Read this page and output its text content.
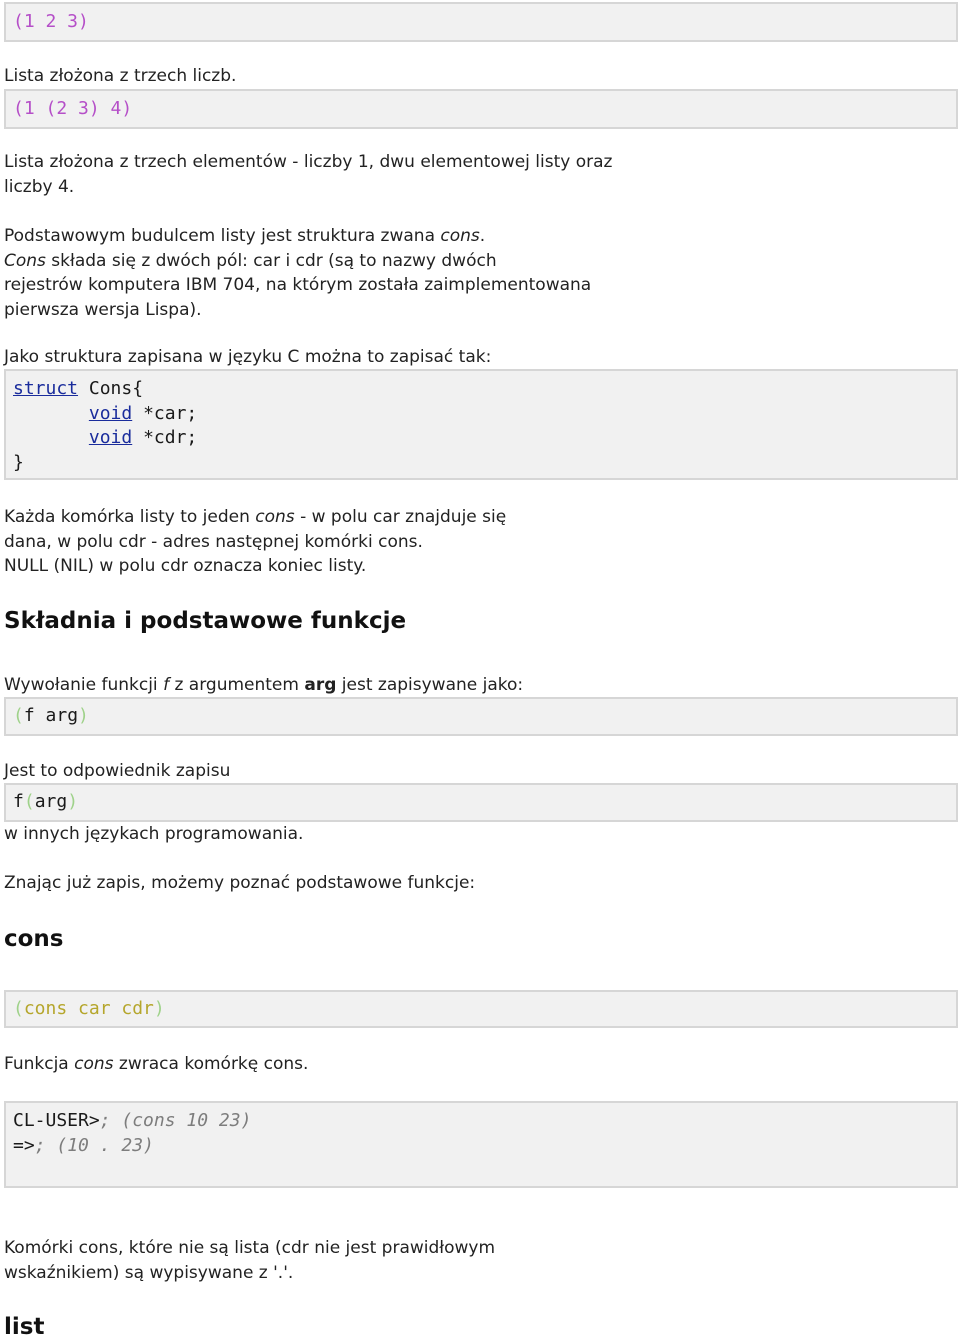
(1 2 3)

Lista złożona z trzech liczb.

(1 (2 3) 4)

Lista złożona z trzech elementów - liczby 1, dwu elementowej listy oraz
liczby 4.

Podstawowym budulcem listy jest struktura zwana cons.
Cons składa się z dwóch pól: car i cdr (są to nazwy dwóch
rejestrów komputera IBM 704, na którym została zaimplementowana
pierwsza wersja Lispa).

Jako struktura zapisana w języku C można to zapisać tak:

struct Cons{
void *car;
void *cdr;
}

Każda komórka listy to jeden cons - w polu car znajduje się
dana, w polu cdr - adres następnej komórki cons.
NULL (NIL) w polu cdr oznacza koniec listy.

Składnia i podstawowe funkcje

Wywołanie funkcji f z argumentem arg jest zapisywane jako:

(f arg)

Jest to odpowiednik zapisu

f(arg)

w innych językach programowania.

Znając już zapis, możemy poznać podstawowe funkcje:

cons
(cons car cdr)

Funkcja cons zwraca komórkę cons.

CL-USER>; (cons 10 23)
=>; (10 . 23)

Komórki cons, które nie są lista (cdr nie jest prawidłowym
wskaźnikiem) są wypisywane z '.'.

list
